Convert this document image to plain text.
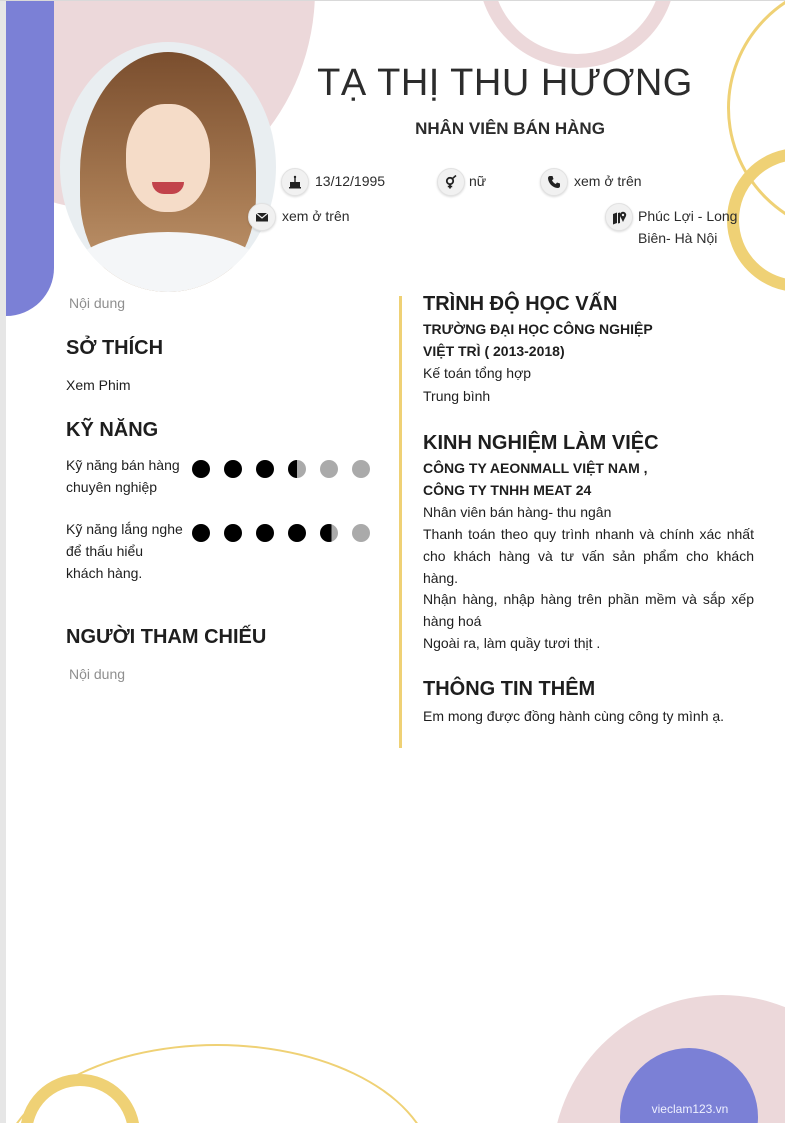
TẠ THỊ THU HƯƠNG
NHÂN VIÊN BÁN HÀNG
13/12/1995	nữ	xem ở trên
xem ở trên	Phúc Lợi - Long
Biên- Hà Nội
Nội dung
SỞ THÍCH
Xem Phim
KỸ NĂNG
Kỹ năng bán hàng
chuyên nghiệp
Kỹ năng lắng nghe
để thấu hiểu
khách hàng.
NGƯỜI THAM CHIẾU
Nội dung
TRÌNH ĐỘ HỌC VẤN
TRƯỜNG ĐẠI HỌC CÔNG NGHIỆP
VIỆT TRÌ ( 2013-2018)
Kế toán tổng hợp
Trung bình
KINH NGHIỆM LÀM VIỆC
CÔNG TY AEONMALL VIỆT NAM ,
CÔNG TY TNHH MEAT 24
Nhân viên bán hàng- thu ngân
Thanh toán theo quy trình nhanh và chính xác nhất cho khách hàng và tư vấn sản phẩm cho khách hàng.
Nhận hàng, nhập hàng trên phần mềm và sắp xếp hàng hoá
Ngoài ra, làm quầy tươi thịt .
THÔNG TIN THÊM
Em mong được đồng hành cùng công ty mình ạ.
vieclam123.vn
